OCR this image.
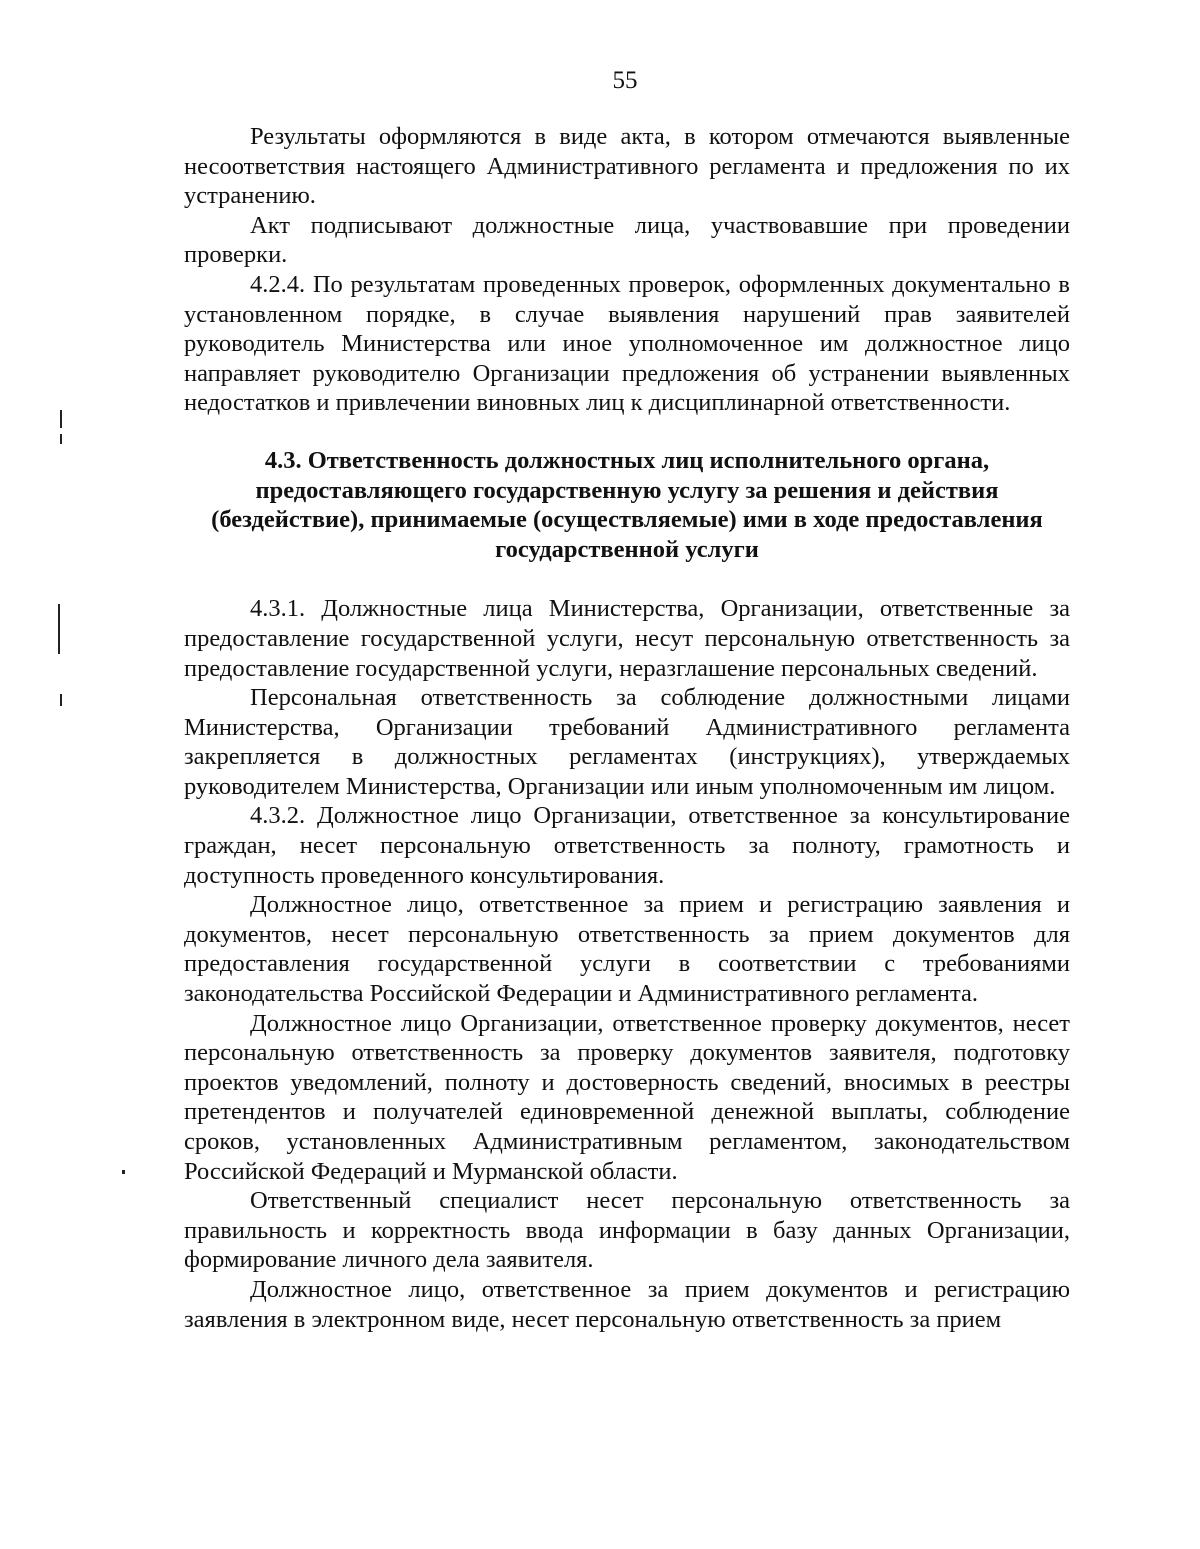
55

Результаты оформляются в виде акта, в котором отмечаются выявленные несоответствия настоящего Административного регламента и предложения по их устранению.

Акт подписывают должностные лица, участвовавшие при проведении проверки.

4.2.4. По результатам проведенных проверок, оформленных документально в установленном порядке, в случае выявления нарушений прав заявителей руководитель Министерства или иное уполномоченное им должностное лицо направляет руководителю Организации предложения об устранении выявленных недостатков и привлечении виновных лиц к дисциплинарной ответственности.

4.3. Ответственность должностных лиц исполнительного органа,
предоставляющего государственную услугу за решения и действия
(бездействие), принимаемые (осуществляемые) ими в ходе предоставления
государственной услуги

4.3.1. Должностные лица Министерства, Организации, ответственные за предоставление государственной услуги, несут персональную ответственность за предоставление государственной услуги, неразглашение персональных сведений.

Персональная ответственность за соблюдение должностными лицами Министерства, Организации требований Административного регламента закрепляется в должностных регламентах (инструкциях), утверждаемых руководителем Министерства, Организации или иным уполномоченным им лицом.

4.3.2. Должностное лицо Организации, ответственное за консультирование граждан, несет персональную ответственность за полноту, грамотность и доступность проведенного консультирования.

Должностное лицо, ответственное за прием и регистрацию заявления и документов, несет персональную ответственность за прием документов для предоставления государственной услуги в соответствии с требованиями законодательства Российской Федерации и Административного регламента.

Должностное лицо Организации, ответственное проверку документов, несет персональную ответственность за проверку документов заявителя, подготовку проектов уведомлений, полноту и достоверность сведений, вносимых в реестры претендентов и получателей единовременной денежной выплаты, соблюдение сроков, установленных Административным регламентом, законодательством Российской Федераций и Мурманской области.

Ответственный специалист несет персональную ответственность за правильность и корректность ввода информации в базу данных Организации, формирование личного дела заявителя.

Должностное лицо, ответственное за прием документов и регистрацию заявления в электронном виде, несет персональную ответственность за прием
